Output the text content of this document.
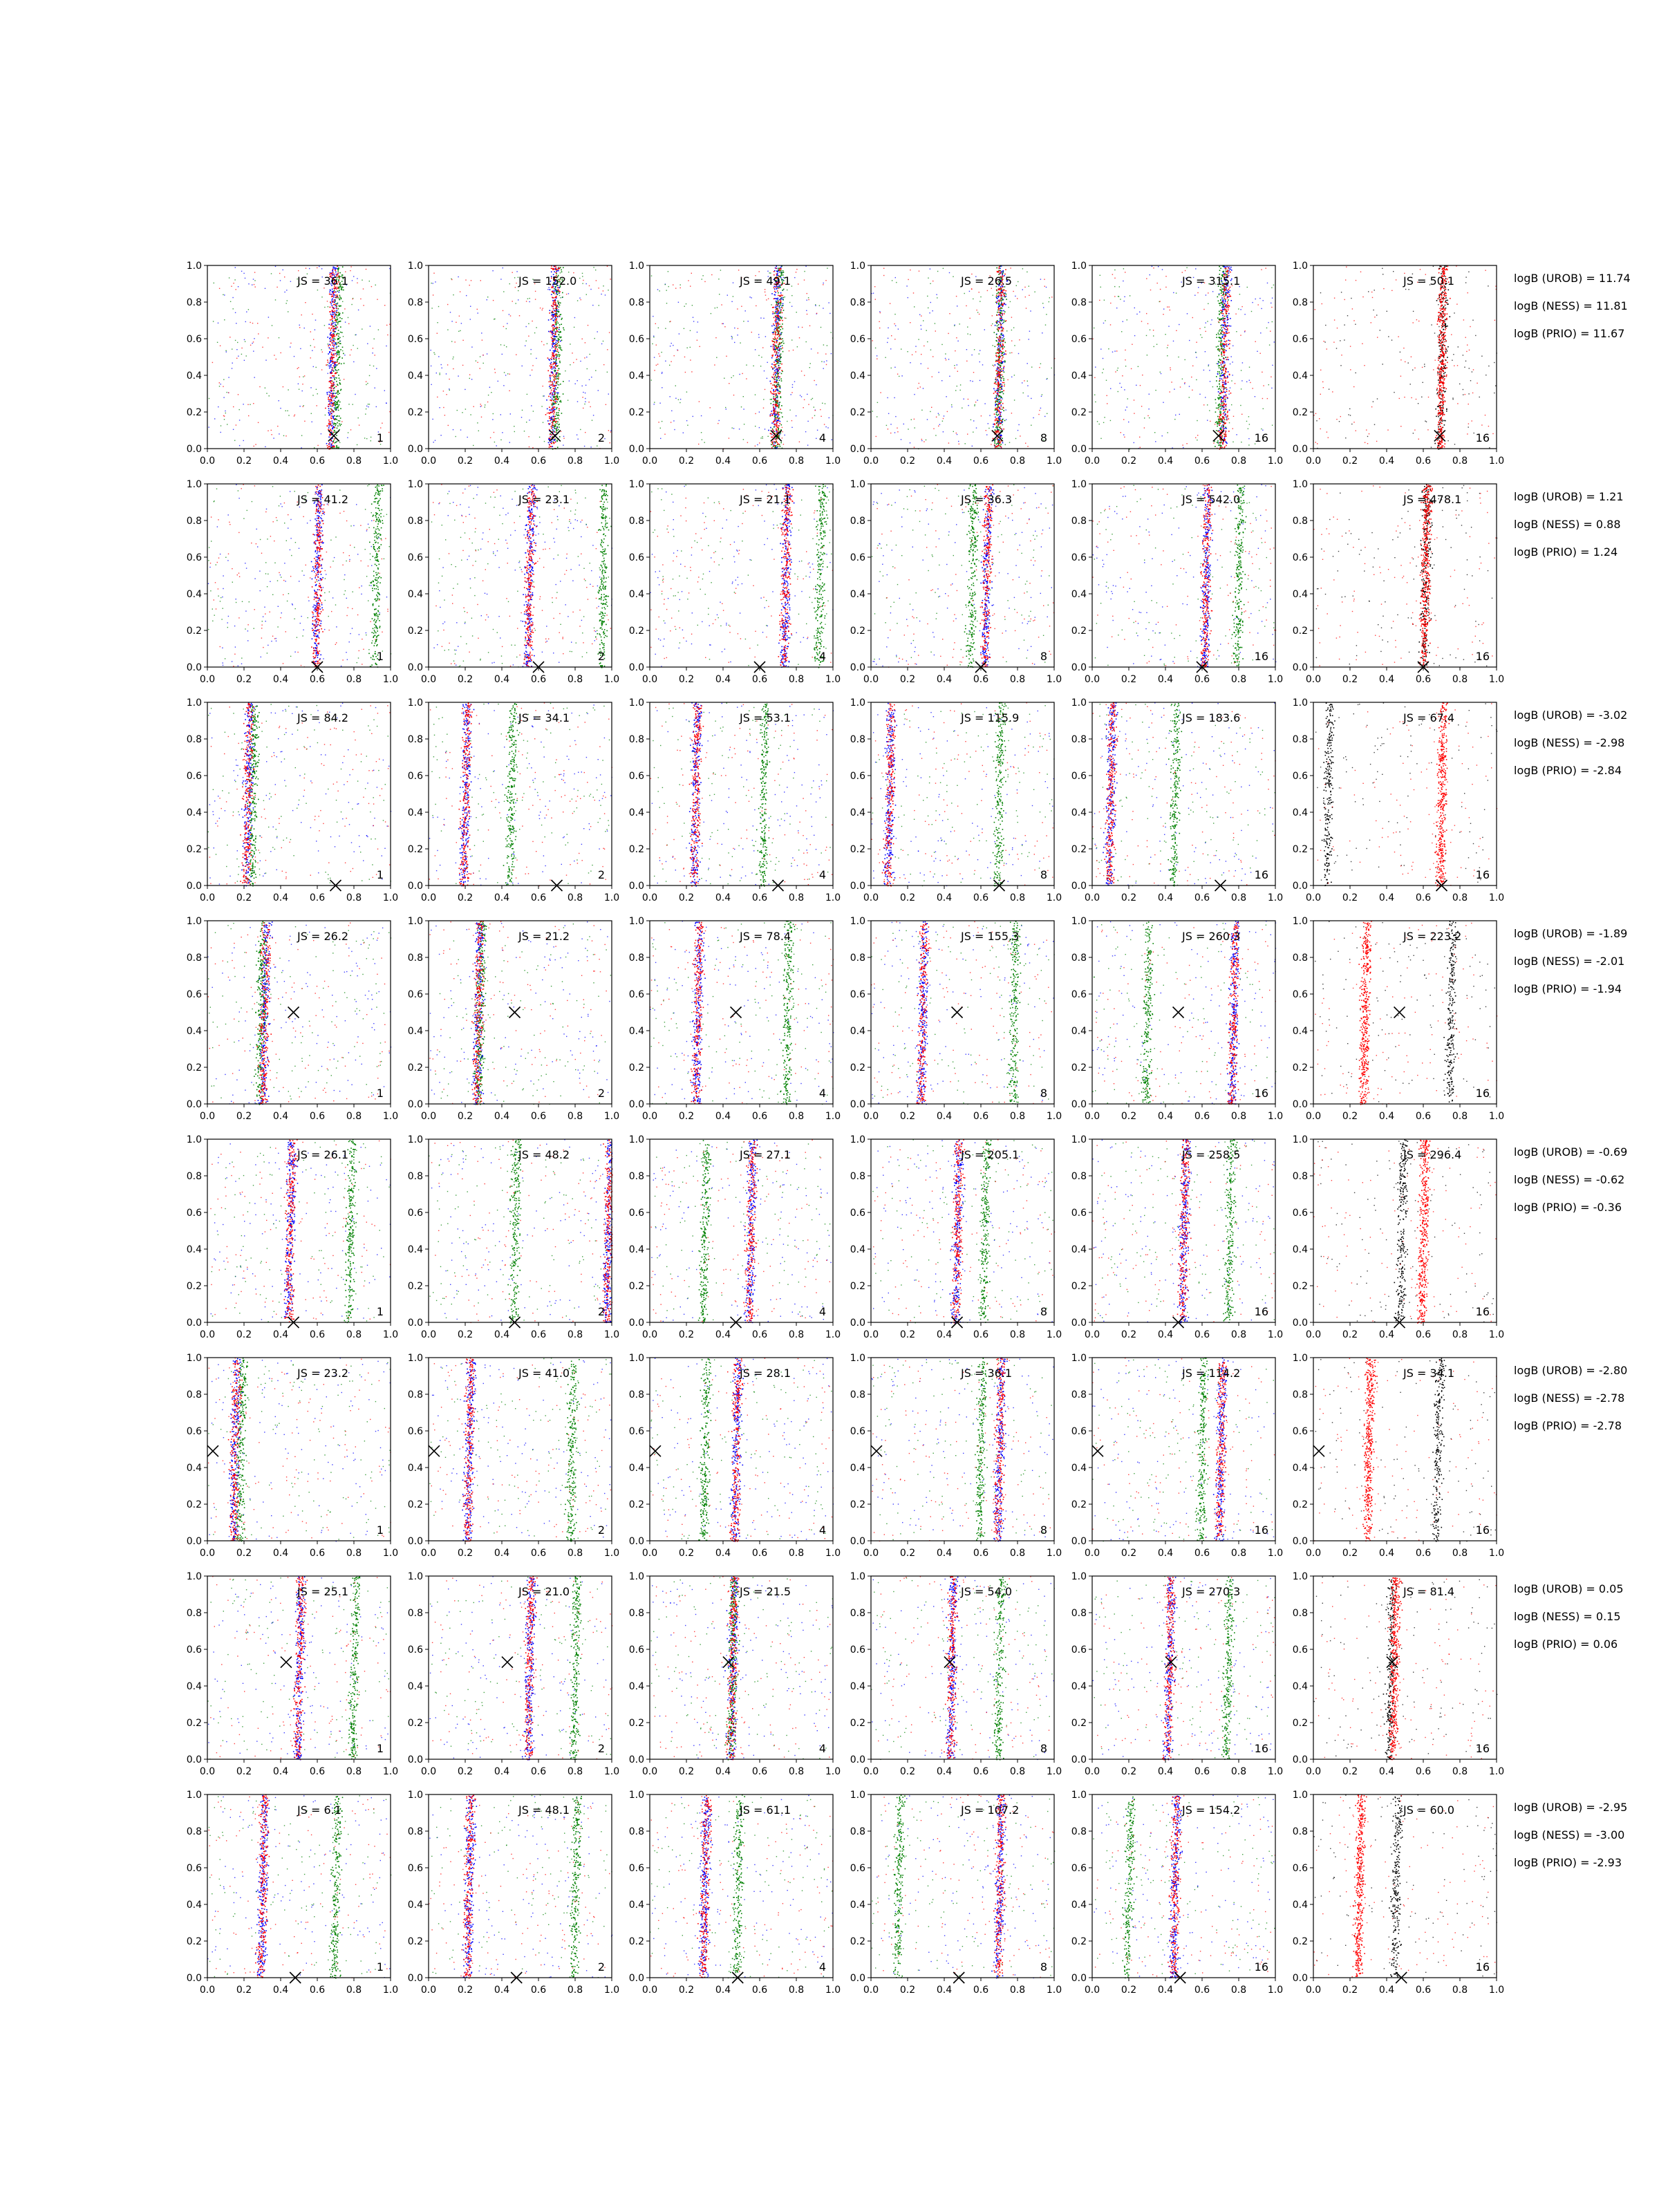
0.0
0.0
0.2
0.2
0.4
0.4
0.6
0.6
0.8
0.8
1.0
1.0
JS = 36.1
1
0.0
0.0
0.2
0.2
0.4
0.4
0.6
0.6
0.8
0.8
1.0
1.0
JS = 152.0
2
0.0
0.0
0.2
0.2
0.4
0.4
0.6
0.6
0.8
0.8
1.0
1.0
JS = 49.1
4
0.0
0.0
0.2
0.2
0.4
0.4
0.6
0.6
0.8
0.8
1.0
1.0
JS = 26.5
8
0.0
0.0
0.2
0.2
0.4
0.4
0.6
0.6
0.8
0.8
1.0
1.0
JS = 315.1
16
0.0
0.0
0.2
0.2
0.4
0.4
0.6
0.6
0.8
0.8
1.0
1.0
JS = 50.1
16
logB (UROB) = 11.74
logB (NESS) = 11.81
logB (PRIO) = 11.67
0.0
0.0
0.2
0.2
0.4
0.4
0.6
0.6
0.8
0.8
1.0
1.0
JS = 41.2
1
0.0
0.0
0.2
0.2
0.4
0.4
0.6
0.6
0.8
0.8
1.0
1.0
JS = 23.1
2
0.0
0.0
0.2
0.2
0.4
0.4
0.6
0.6
0.8
0.8
1.0
1.0
JS = 21.1
4
0.0
0.0
0.2
0.2
0.4
0.4
0.6
0.6
0.8
0.8
1.0
1.0
JS = 36.3
8
0.0
0.0
0.2
0.2
0.4
0.4
0.6
0.6
0.8
0.8
1.0
1.0
JS = 542.0
16
0.0
0.0
0.2
0.2
0.4
0.4
0.6
0.6
0.8
0.8
1.0
1.0
JS = 478.1
16
logB (UROB) = 1.21
logB (NESS) = 0.88
logB (PRIO) = 1.24
0.0
0.0
0.2
0.2
0.4
0.4
0.6
0.6
0.8
0.8
1.0
1.0
JS = 84.2
1
0.0
0.0
0.2
0.2
0.4
0.4
0.6
0.6
0.8
0.8
1.0
1.0
JS = 34.1
2
0.0
0.0
0.2
0.2
0.4
0.4
0.6
0.6
0.8
0.8
1.0
1.0
JS = 53.1
4
0.0
0.0
0.2
0.2
0.4
0.4
0.6
0.6
0.8
0.8
1.0
1.0
JS = 115.9
8
0.0
0.0
0.2
0.2
0.4
0.4
0.6
0.6
0.8
0.8
1.0
1.0
JS = 183.6
16
0.0
0.0
0.2
0.2
0.4
0.4
0.6
0.6
0.8
0.8
1.0
1.0
JS = 67.4
16
logB (UROB) = -3.02
logB (NESS) = -2.98
logB (PRIO) = -2.84
0.0
0.0
0.2
0.2
0.4
0.4
0.6
0.6
0.8
0.8
1.0
1.0
JS = 26.2
1
0.0
0.0
0.2
0.2
0.4
0.4
0.6
0.6
0.8
0.8
1.0
1.0
JS = 21.2
2
0.0
0.0
0.2
0.2
0.4
0.4
0.6
0.6
0.8
0.8
1.0
1.0
JS = 78.4
4
0.0
0.0
0.2
0.2
0.4
0.4
0.6
0.6
0.8
0.8
1.0
1.0
JS = 155.3
8
0.0
0.0
0.2
0.2
0.4
0.4
0.6
0.6
0.8
0.8
1.0
1.0
JS = 260.3
16
0.0
0.0
0.2
0.2
0.4
0.4
0.6
0.6
0.8
0.8
1.0
1.0
JS = 223.2
16
logB (UROB) = -1.89
logB (NESS) = -2.01
logB (PRIO) = -1.94
0.0
0.0
0.2
0.2
0.4
0.4
0.6
0.6
0.8
0.8
1.0
1.0
JS = 26.1
1
0.0
0.0
0.2
0.2
0.4
0.4
0.6
0.6
0.8
0.8
1.0
1.0
JS = 48.2
2
0.0
0.0
0.2
0.2
0.4
0.4
0.6
0.6
0.8
0.8
1.0
1.0
JS = 27.1
4
0.0
0.0
0.2
0.2
0.4
0.4
0.6
0.6
0.8
0.8
1.0
1.0
JS = 205.1
8
0.0
0.0
0.2
0.2
0.4
0.4
0.6
0.6
0.8
0.8
1.0
1.0
JS = 258.5
16
0.0
0.0
0.2
0.2
0.4
0.4
0.6
0.6
0.8
0.8
1.0
1.0
JS = 296.4
16
logB (UROB) = -0.69
logB (NESS) = -0.62
logB (PRIO) = -0.36
0.0
0.0
0.2
0.2
0.4
0.4
0.6
0.6
0.8
0.8
1.0
1.0
JS = 23.2
1
0.0
0.0
0.2
0.2
0.4
0.4
0.6
0.6
0.8
0.8
1.0
1.0
JS = 41.0
2
0.0
0.0
0.2
0.2
0.4
0.4
0.6
0.6
0.8
0.8
1.0
1.0
JS = 28.1
4
0.0
0.0
0.2
0.2
0.4
0.4
0.6
0.6
0.8
0.8
1.0
1.0
JS = 36.1
8
0.0
0.0
0.2
0.2
0.4
0.4
0.6
0.6
0.8
0.8
1.0
1.0
JS = 114.2
16
0.0
0.0
0.2
0.2
0.4
0.4
0.6
0.6
0.8
0.8
1.0
1.0
JS = 34.1
16
logB (UROB) = -2.80
logB (NESS) = -2.78
logB (PRIO) = -2.78
0.0
0.0
0.2
0.2
0.4
0.4
0.6
0.6
0.8
0.8
1.0
1.0
JS = 25.1
1
0.0
0.0
0.2
0.2
0.4
0.4
0.6
0.6
0.8
0.8
1.0
1.0
JS = 21.0
2
0.0
0.0
0.2
0.2
0.4
0.4
0.6
0.6
0.8
0.8
1.0
1.0
JS = 21.5
4
0.0
0.0
0.2
0.2
0.4
0.4
0.6
0.6
0.8
0.8
1.0
1.0
JS = 54.0
8
0.0
0.0
0.2
0.2
0.4
0.4
0.6
0.6
0.8
0.8
1.0
1.0
JS = 270.3
16
0.0
0.0
0.2
0.2
0.4
0.4
0.6
0.6
0.8
0.8
1.0
1.0
JS = 81.4
16
logB (UROB) = 0.05
logB (NESS) = 0.15
logB (PRIO) = 0.06
0.0
0.0
0.2
0.2
0.4
0.4
0.6
0.6
0.8
0.8
1.0
1.0
JS = 6.1
1
0.0
0.0
0.2
0.2
0.4
0.4
0.6
0.6
0.8
0.8
1.0
1.0
JS = 48.1
2
0.0
0.0
0.2
0.2
0.4
0.4
0.6
0.6
0.8
0.8
1.0
1.0
JS = 61.1
4
0.0
0.0
0.2
0.2
0.4
0.4
0.6
0.6
0.8
0.8
1.0
1.0
JS = 107.2
8
0.0
0.0
0.2
0.2
0.4
0.4
0.6
0.6
0.8
0.8
1.0
1.0
JS = 154.2
16
0.0
0.0
0.2
0.2
0.4
0.4
0.6
0.6
0.8
0.8
1.0
1.0
JS = 60.0
16
logB (UROB) = -2.95
logB (NESS) = -3.00
logB (PRIO) = -2.93
